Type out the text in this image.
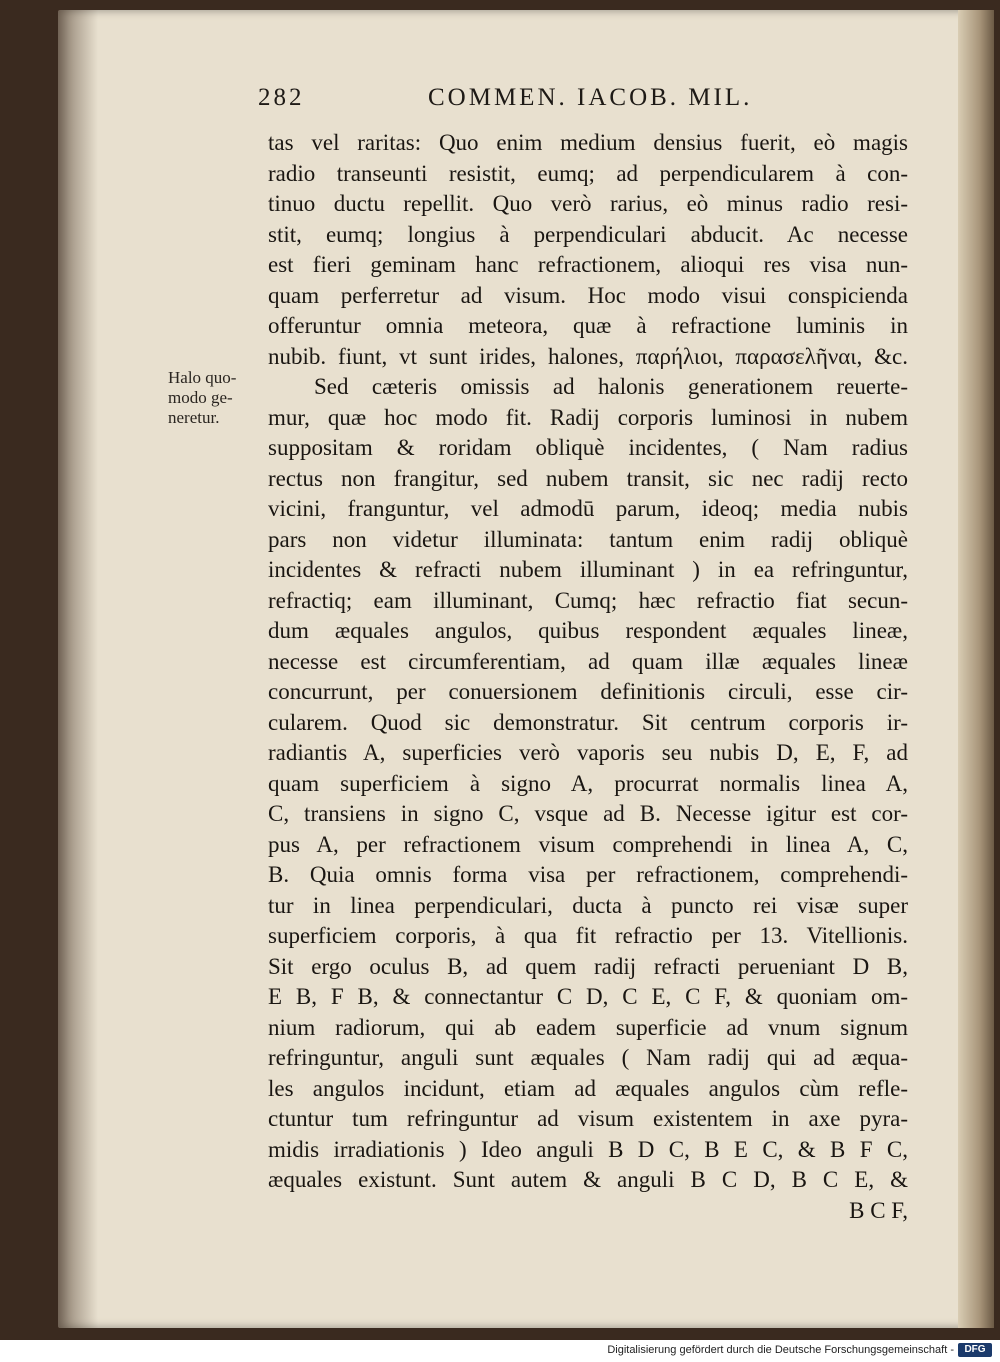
282	COMMEN. IACOB. MIL.
Halo quo-
modo ge-
neretur.
tas vel raritas: Quo enim medium densius fuerit, eò magis
radio transeunti resistit, eumq; ad perpendicularem à con-
tinuo ductu repellit. Quo verò rarius, eò minus radio resi-
stit, eumq; longius à perpendiculari abducit. Ac necesse
est fieri geminam hanc refractionem, alioqui res visa nun-
quam perferretur ad visum. Hoc modo visui conspicienda
offeruntur omnia meteora, quæ à refractione luminis in
nubib. fiunt, vt sunt irides, halones, παρήλιοι, παρασελῆναι, &c.
Sed cæteris omissis ad halonis generationem reuerte-
mur, quæ hoc modo fit. Radij corporis luminosi in nubem
suppositam & roridam obliquè incidentes, ( Nam radius
rectus non frangitur, sed nubem transit, sic nec radij recto
vicini, franguntur, vel admodū parum, ideoq; media nubis
pars non videtur illuminata: tantum enim radij obliquè
incidentes & refracti nubem illuminant ) in ea refringuntur,
refractiq; eam illuminant, Cumq; hæc refractio fiat secun-
dum æquales angulos, quibus respondent æquales lineæ,
necesse est circumferentiam, ad quam illæ æquales lineæ
concurrunt, per conuersionem definitionis circuli, esse cir-
cularem. Quod sic demonstratur. Sit centrum corporis ir-
radiantis A, superficies verò vaporis seu nubis D, E, F, ad
quam superficiem à signo A, procurrat normalis linea A,
C, transiens in signo C, vsque ad B. Necesse igitur est cor-
pus A, per refractionem visum comprehendi in linea A, C,
B. Quia omnis forma visa per refractionem, comprehendi-
tur in linea perpendiculari, ducta à puncto rei visæ super
superficiem corporis, à qua fit refractio per 13. Vitellionis.
Sit ergo oculus B, ad quem radij refracti perueniant D B,
E B, F B, & connectantur C D, C E, C F, & quoniam om-
nium radiorum, qui ab eadem superficie ad vnum signum
refringuntur, anguli sunt æquales ( Nam radij qui ad æqua-
les angulos incidunt, etiam ad æquales angulos cùm refle-
ctuntur tum refringuntur ad visum existentem in axe pyra-
midis irradiationis ) Ideo anguli B D C, B E C, & B F C,
æquales existunt. Sunt autem & anguli B C D, B C E, &
B C F,
Digitalisierung gefördert durch die Deutsche Forschungsgemeinschaft -	DFG
